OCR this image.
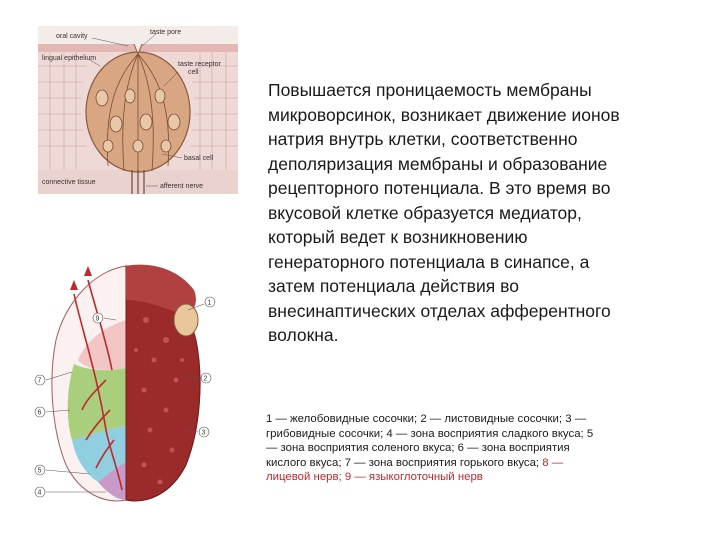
oral cavity
taste pore
lingual epithelium
taste receptor
cell
basal cell
connective tissue
afferent nerve
1
2
3
4
5
6
7
9
Повышается проницаемость мембраны
микроворсинок, возникает движение ионов
натрия внутрь клетки, соответственно
деполяризация мембраны и образование
рецепторного потенциала. В это время во
вкусовой клетке образуется медиатор,
который ведет к возникновению
генераторного потенциала в синапсе, а
затем потенциала действия во
внесинаптических отделах афферентного
волокна.
1 — желобовидные сосочки; 2 — листовидные сосочки; 3 —
грибовидные сосочки; 4 — зона восприятия сладкого вкуса; 5
— зона восприятия соленого вкуса; 6 — зона восприятия
кислого вкуса; 7 — зона восприятия горького вкуса; 8 —
лицевой нерв; 9 — языкоглоточный нерв
